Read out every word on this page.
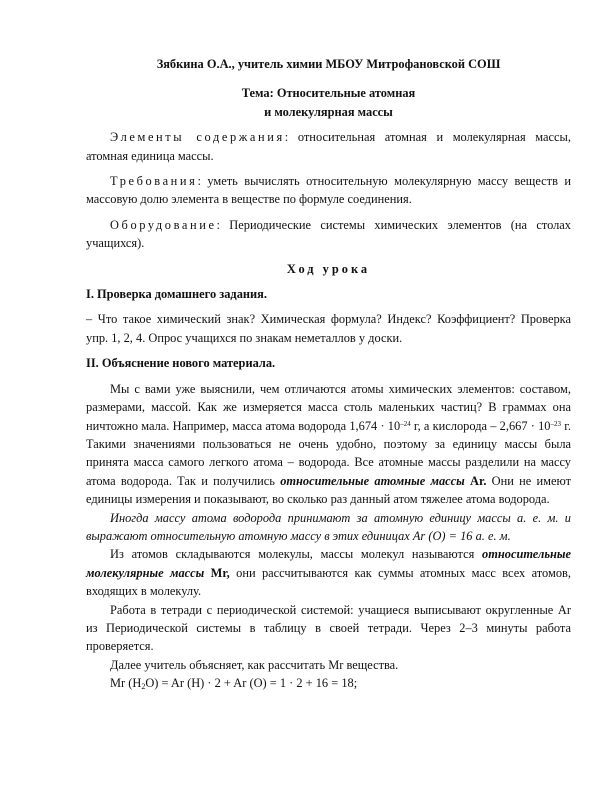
Зябкина О.А., учитель химии МБОУ Митрофановской СОШ

Тема: Относительные атомная

и молекулярная массы

Элементы содержания: относительная атомная и молекулярная массы, атомная единица массы.

Требования: уметь вычислять относительную молекулярную массу веществ и массовую долю элемента в веществе по формуле соединения.

Оборудование: Периодические системы химических элементов (на столах учащихся).

Ход урока

I. Проверка домашнего задания.

– Что такое химический знак? Химическая формула? Индекс? Коэффициент? Проверка упр. 1, 2, 4. Опрос учащихся по знакам неметаллов у доски.

II. Объяснение нового материала.

Мы с вами уже выяснили, чем отличаются атомы химических элементов: составом, размерами, массой. Как же измеряется масса столь маленьких частиц? В граммах она ничтожно мала. Например, масса атома водорода $1,674 \cdot 10^{-24}$ г, а кислорода – $2,667 \cdot 10^{-23}$ г. Такими значениями пользоваться не очень удобно, поэтому за единицу массы была принята масса самого легкого атома – водорода. Все атомные массы разделили на массу атома водорода. Так и получились относительные атомные массы Ar. Они не имеют единицы измерения и показывают, во сколько раз данный атом тяжелее атома водорода.

Иногда массу атома водорода принимают за атомную единицу массы а. е. м. и выражают относительную атомную массу в этих единицах Ar (O) = 16 а. е. м.

Из атомов складываются молекулы, массы молекул называются относительные молекулярные массы Mr, они рассчитываются как суммы атомных масс всех атомов, входящих в молекулу.

Работа в тетради с периодической системой: учащиеся выписывают округленные Ar из Периодической системы в таблицу в своей тетради. Через 2–3 минуты работа проверяется.

Далее учитель объясняет, как рассчитать Mr вещества.

Mr $(H_2O) = Ar$ (H) · 2 + Ar (O) = 1 · 2 + 16 = 18;
